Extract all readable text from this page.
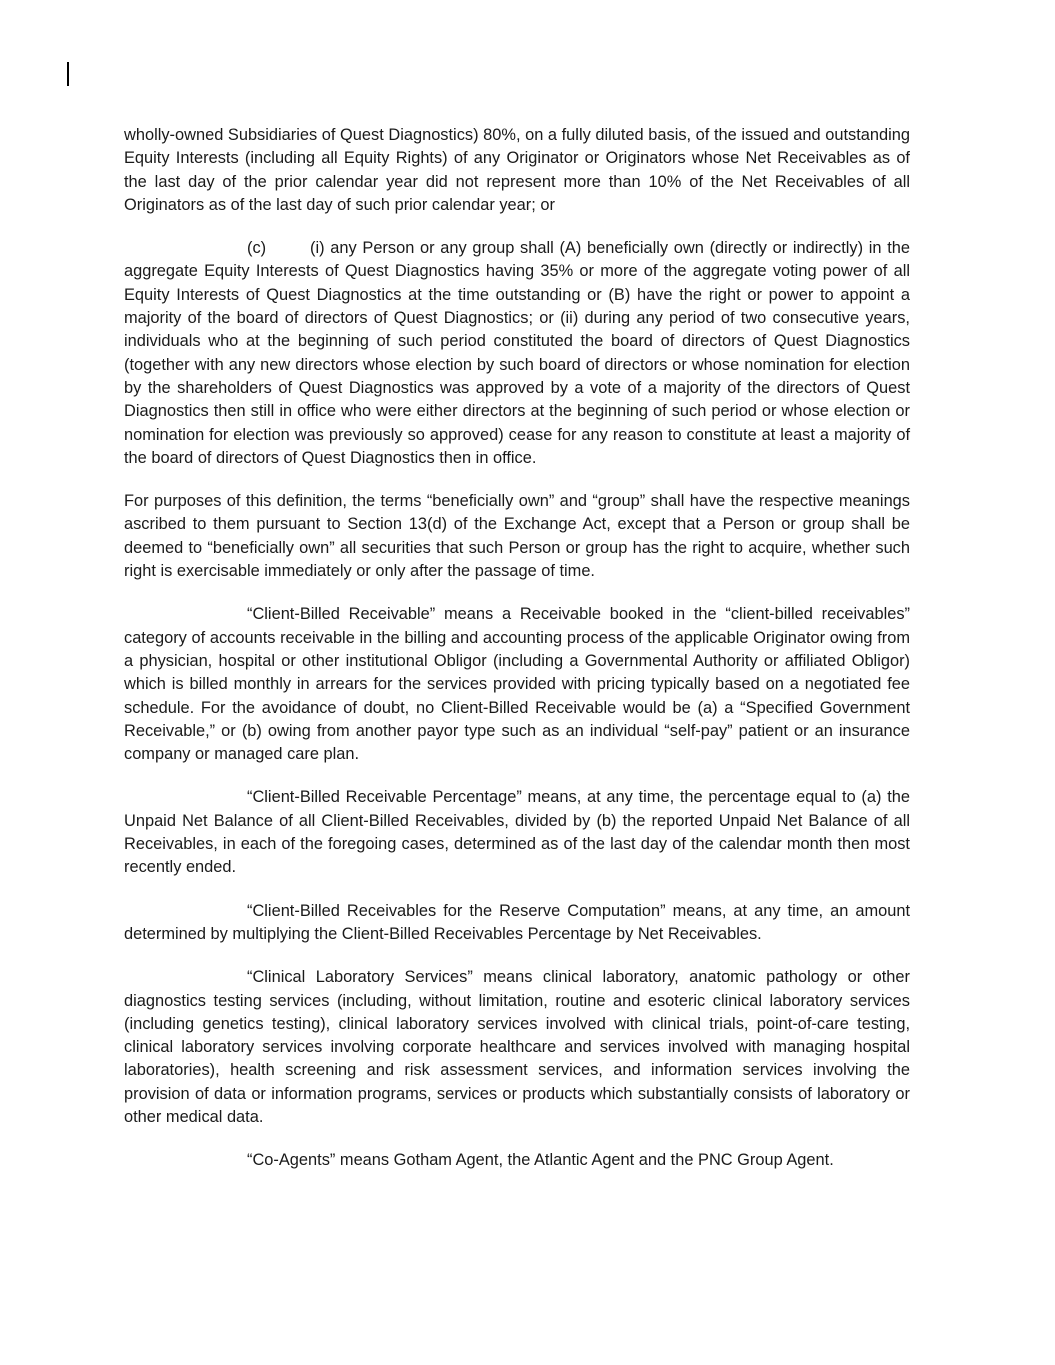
wholly-owned Subsidiaries of Quest Diagnostics) 80%, on a fully diluted basis, of the issued and outstanding Equity Interests (including all Equity Rights) of any Originator or Originators whose Net Receivables as of the last day of the prior calendar year did not represent more than 10% of the Net Receivables of all Originators as of the last day of such prior calendar year; or

(c)	(i) any Person or any group shall (A) beneficially own (directly or indirectly) in the aggregate Equity Interests of Quest Diagnostics having 35% or more of the aggregate voting power of all Equity Interests of Quest Diagnostics at the time outstanding or (B) have the right or power to appoint a majority of the board of directors of Quest Diagnostics; or (ii) during any period of two consecutive years, individuals who at the beginning of such period constituted the board of directors of Quest Diagnostics (together with any new directors whose election by such board of directors or whose nomination for election by the shareholders of Quest Diagnostics was approved by a vote of a majority of the directors of Quest Diagnostics then still in office who were either directors at the beginning of such period or whose election or nomination for election was previously so approved) cease for any reason to constitute at least a majority of the board of directors of Quest Diagnostics then in office.

For purposes of this definition, the terms “beneficially own” and “group” shall have the respective meanings ascribed to them pursuant to Section 13(d) of the Exchange Act, except that a Person or group shall be deemed to “beneficially own” all securities that such Person or group has the right to acquire, whether such right is exercisable immediately or only after the passage of time.

“Client-Billed Receivable” means a Receivable booked in the “client-billed receivables” category of accounts receivable in the billing and accounting process of the applicable Originator owing from a physician, hospital or other institutional Obligor (including a Governmental Authority or affiliated Obligor) which is billed monthly in arrears for the services provided with pricing typically based on a negotiated fee schedule. For the avoidance of doubt, no Client-Billed Receivable would be (a) a “Specified Government Receivable,” or (b) owing from another payor type such as an individual “self-pay” patient or an insurance company or managed care plan.

“Client-Billed Receivable Percentage” means, at any time, the percentage equal to (a) the Unpaid Net Balance of all Client-Billed Receivables, divided by (b) the reported Unpaid Net Balance of all Receivables, in each of the foregoing cases, determined as of the last day of the calendar month then most recently ended.

“Client-Billed Receivables for the Reserve Computation” means, at any time, an amount determined by multiplying the Client-Billed Receivables Percentage by Net Receivables.

“Clinical Laboratory Services” means clinical laboratory, anatomic pathology or other diagnostics testing services (including, without limitation, routine and esoteric clinical laboratory services (including genetics testing), clinical laboratory services involved with clinical trials, point-of-care testing, clinical laboratory services involving corporate healthcare and services involved with managing hospital laboratories), health screening and risk assessment services, and information services involving the provision of data or information programs, services or products which substantially consists of laboratory or other medical data.

“Co-Agents” means Gotham Agent, the Atlantic Agent and the PNC Group Agent.
